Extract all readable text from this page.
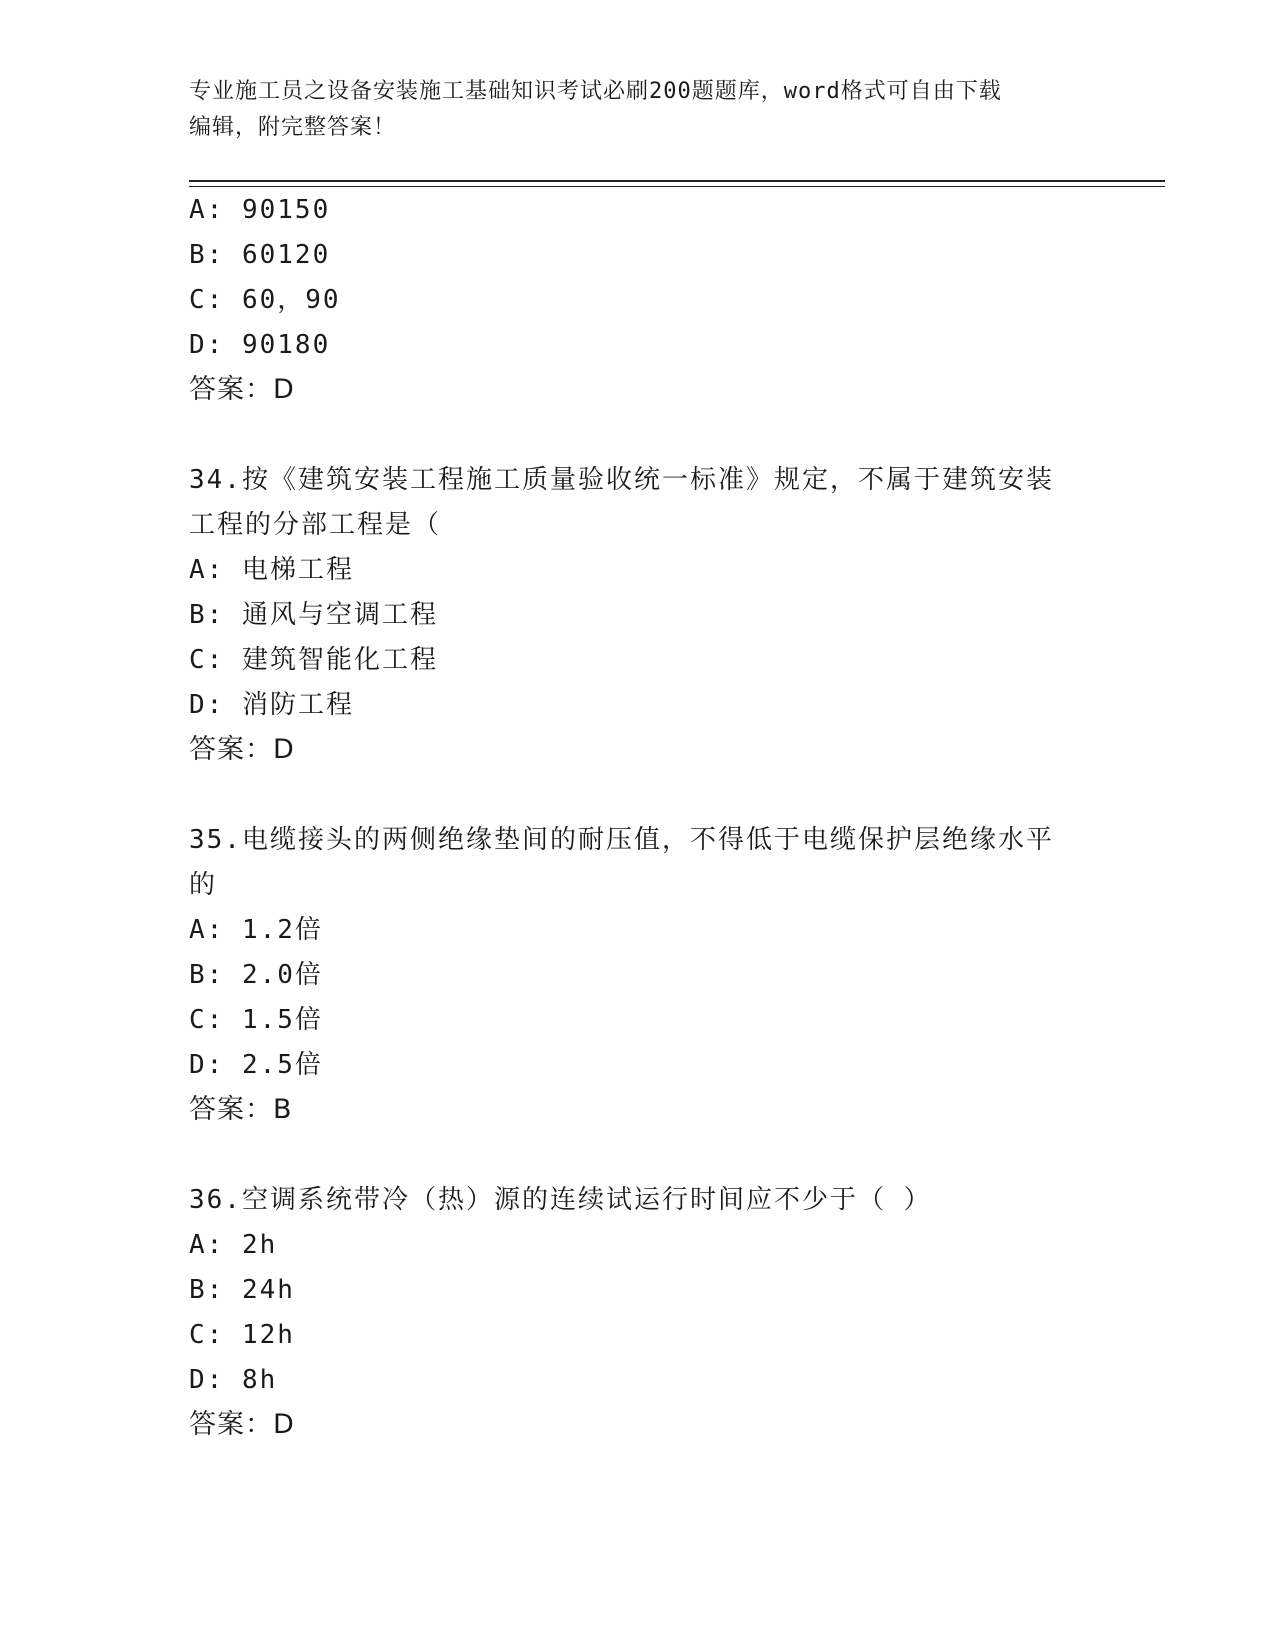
专业施工员之设备安装施工基础知识考试必刷200题题库，word格式可自由下载
编辑，附完整答案！
A: 90150
B: 60120
C: 60，90
D: 90180
答案：D
34.按《建筑安装工程施工质量验收统一标准》规定，不属于建筑安装
工程的分部工程是（
A: 电梯工程
B: 通风与空调工程
C: 建筑智能化工程
D: 消防工程
答案：D
35.电缆接头的两侧绝缘垫间的耐压值，不得低于电缆保护层绝缘水平
的
A: 1.2倍
B: 2.0倍
C: 1.5倍
D: 2.5倍
答案：B
36.空调系统带冷（热）源的连续试运行时间应不少于（ ）
A: 2h
B: 24h
C: 12h
D: 8h
答案：D
